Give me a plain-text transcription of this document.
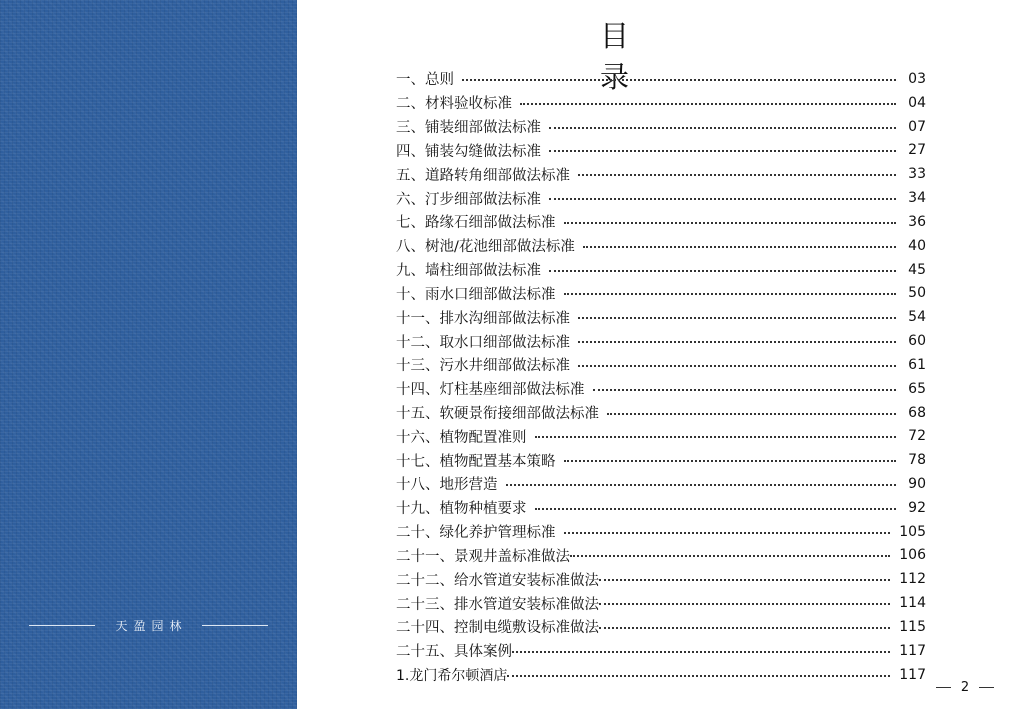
天盈园林
目录
一、总则	03
二、材料验收标准	04
三、铺装细部做法标准	07
四、铺装勾缝做法标准	27
五、道路转角细部做法标准	33
六、汀步细部做法标准	34
七、路缘石细部做法标准	36
八、树池/花池细部做法标准	40
九、墙柱细部做法标准	45
十、雨水口细部做法标准	50
十一、排水沟细部做法标准	54
十二、取水口细部做法标准	60
十三、污水井细部做法标准	61
十四、灯柱基座细部做法标准	65
十五、软硬景衔接细部做法标准	68
十六、植物配置准则	72
十七、植物配置基本策略	78
十八、地形营造	90
十九、植物种植要求	92
二十、绿化养护管理标准	105
二十一、景观井盖标准做法	106
二十二、给水管道安装标准做法	112
二十三、排水管道安装标准做法	114
二十四、控制电缆敷设标准做法	115
二十五、具体案例	117
1.龙门希尔顿酒店	117
2
